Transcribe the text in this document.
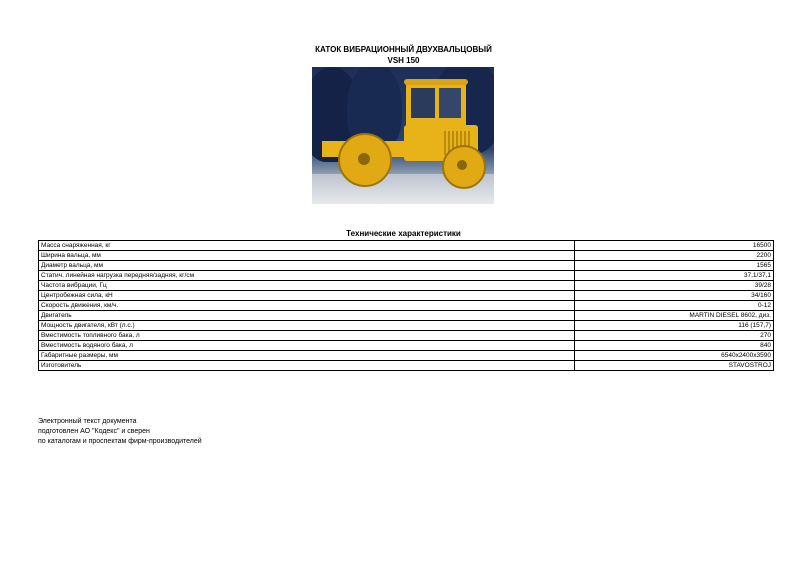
КАТОК ВИБРАЦИОННЫЙ ДВУХВАЛЬЦОВЫЙ
VSH 150
Технические характеристики
Масса снаряженная, кг	16500
Ширина вальца, мм	2200
Диаметр вальца, мм	1565
Статич. линейная нагрузка передняя/задняя, кг/см	37,1/37,1
Частота вибрации, Гц	39/28
Центробежная сила, кН	34/160
Скорость движения, км/ч.	0-12
Двигатель	MARTIN DIESEL 8602, диз.
Мощность двигателя, кВт (л.с.)	116 (157,7)
Вместимость топливного бака, л	270
Вместимость водяного бака, л	840
Габаритные размеры, мм	6540x2400x3590
Изготовитель	STAVOSTROJ
Электронный текст документа
подготовлен АО "Кодекс" и сверен
по каталогам и проспектам фирм-производителей
